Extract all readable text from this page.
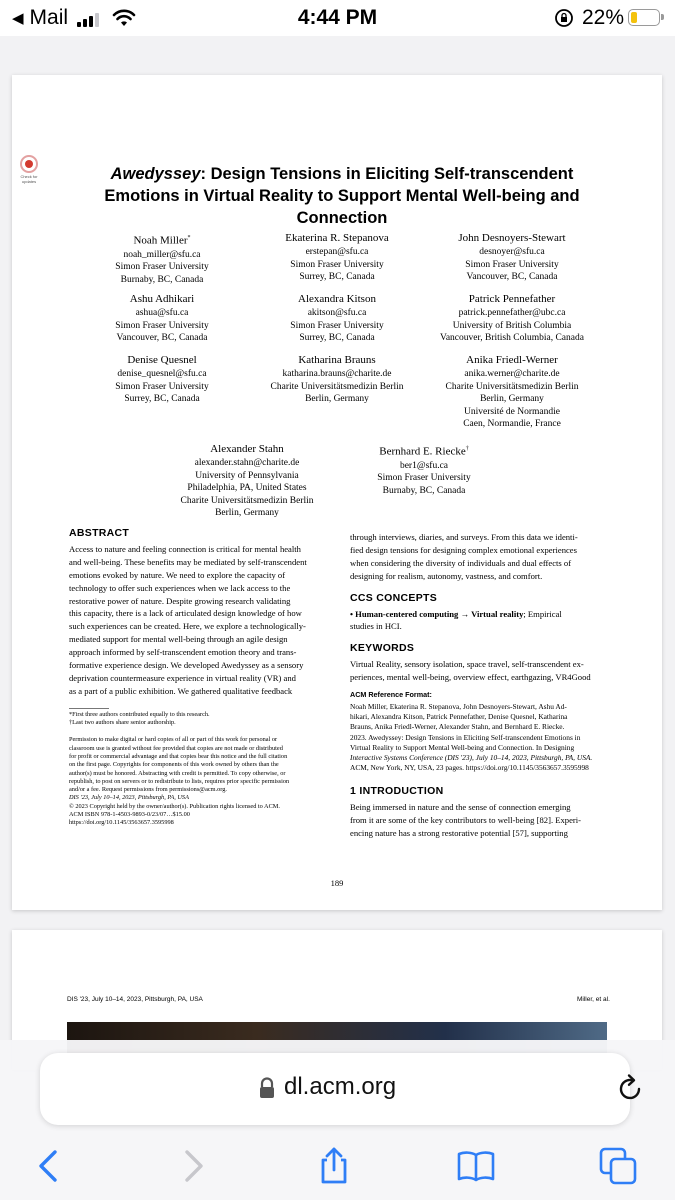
◀ Mail	4:44 PM	22%
Check for updates	Awedyssey: Design Tensions in Eliciting Self-transcendent
Emotions in Virtual Reality to Support Mental Well-being and
Connection
Noah Miller*
noah_miller@sfu.ca
Simon Fraser University
Burnaby, BC, Canada
Ekaterina R. Stepanova
erstepan@sfu.ca
Simon Fraser University
Surrey, BC, Canada
John Desnoyers-Stewart
desnoyer@sfu.ca
Simon Fraser University
Vancouver, BC, Canada
Ashu Adhikari
ashua@sfu.ca
Simon Fraser University
Vancouver, BC, Canada
Alexandra Kitson
akitson@sfu.ca
Simon Fraser University
Surrey, BC, Canada
Patrick Pennefather
patrick.pennefather@ubc.ca
University of British Columbia
Vancouver, British Columbia, Canada
Denise Quesnel
denise_quesnel@sfu.ca
Simon Fraser University
Surrey, BC, Canada
Katharina Brauns
katharina.brauns@charite.de
Charite Universitätsmedizin Berlin
Berlin, Germany
Anika Friedl-Werner
anika.werner@charite.de
Charite Universitätsmedizin Berlin
Berlin, Germany
Université de Normandie
Caen, Normandie, France
Alexander Stahn
alexander.stahn@charite.de
University of Pennsylvania
Philadelphia, PA, United States
Charite Universitätsmedizin Berlin
Berlin, Germany
Bernhard E. Riecke†
ber1@sfu.ca
Simon Fraser University
Burnaby, BC, Canada
ABSTRACT
Access to nature and feeling connection is critical for mental health
and well-being. These benefits may be mediated by self-transcendent
emotions evoked by nature. We need to explore the capacity of
technology to offer such experiences when we lack access to the
restorative power of nature. Despite growing research validating
this capacity, there is a lack of articulated design knowledge of how
such experiences can be created. Here, we explore a technologically-
mediated support for mental well-being through an agile design
approach informed by self-transcendent emotion theory and trans-
formative experience design. We developed Awedyssey as a sensory
deprivation countermeasure experience in virtual reality (VR) and
as a part of a public exhibition. We gathered qualitative feedback
*First three authors contributed equally to this research.
†Last two authors share senior authorship.
Permission to make digital or hard copies of all or part of this work for personal or
classroom use is granted without fee provided that copies are not made or distributed
for profit or commercial advantage and that copies bear this notice and the full citation
on the first page. Copyrights for components of this work owned by others than the
author(s) must be honored. Abstracting with credit is permitted. To copy otherwise, or
republish, to post on servers or to redistribute to lists, requires prior specific permission
and/or a fee. Request permissions from permissions@acm.org.
DIS '23, July 10–14, 2023, Pittsburgh, PA, USA
© 2023 Copyright held by the owner/author(s). Publication rights licensed to ACM.
ACM ISBN 978-1-4503-9893-0/23/07…$15.00
https://doi.org/10.1145/3563657.3595998
through interviews, diaries, and surveys. From this data we identi-
fied design tensions for designing complex emotional experiences
when considering the diversity of individuals and dual effects of
designing for realism, autonomy, vastness, and comfort.
CCS CONCEPTS
• Human-centered computing → Virtual reality; Empirical
studies in HCI.
KEYWORDS
Virtual Reality, sensory isolation, space travel, self-transcendent ex-
periences, mental well-being, overview effect, earthgazing, VR4Good
ACM Reference Format:
Noah Miller, Ekaterina R. Stepanova, John Desnoyers-Stewart, Ashu Ad-
hikari, Alexandra Kitson, Patrick Pennefather, Denise Quesnel, Katharina
Brauns, Anika Friedl-Werner, Alexander Stahn, and Bernhard E. Riecke.
2023. Awedyssey: Design Tensions in Eliciting Self-transcendent Emotions in
Virtual Reality to Support Mental Well-being and Connection. In Designing
Interactive Systems Conference (DIS '23), July 10–14, 2023, Pittsburgh, PA, USA.
ACM, New York, NY, USA, 23 pages. https://doi.org/10.1145/3563657.3595998
1 INTRODUCTION
Being immersed in nature and the sense of connection emerging
from it are some of the key contributors to well-being [82]. Experi-
encing nature has a strong restorative potential [57], supporting
189
DIS '23, July 10–14, 2023, Pittsburgh, PA, USA	Miller, et al.
dl.acm.org
